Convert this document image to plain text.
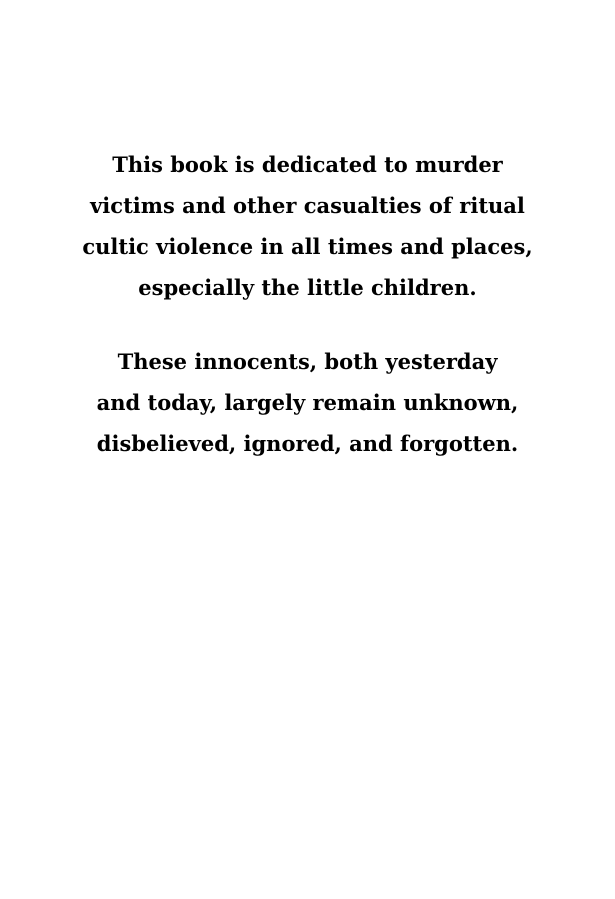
This book is dedicated to murder
victims and other casualties of ritual
cultic violence in all times and places,
especially the little children.
These innocents, both yesterday
and today, largely remain unknown,
disbelieved, ignored, and forgotten.
